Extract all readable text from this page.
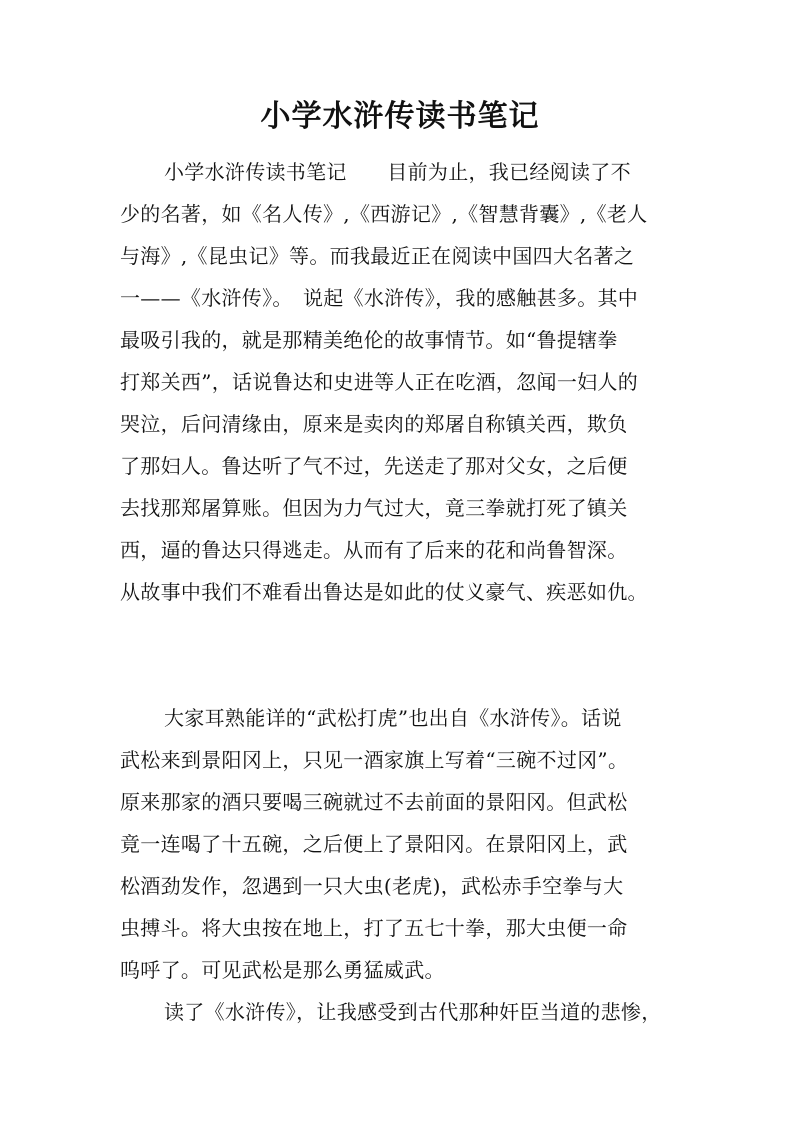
小学水浒传读书笔记
小学水浒传读书笔记　　目前为止，我已经阅读了不
少的名著，如《名人传》,《西游记》,《智慧背囊》,《老人
与海》,《昆虫记》等。而我最近正在阅读中国四大名著之
一——《水浒传》。　说起《水浒传》，我的感触甚多。其中
最吸引我的，就是那精美绝伦的故事情节。如“鲁提辖拳
打郑关西”，话说鲁达和史进等人正在吃酒，忽闻一妇人的
哭泣，后问清缘由，原来是卖肉的郑屠自称镇关西，欺负
了那妇人。鲁达听了气不过，先送走了那对父女，之后便
去找那郑屠算账。但因为力气过大，竟三拳就打死了镇关
西，逼的鲁达只得逃走。从而有了后来的花和尚鲁智深。
从故事中我们不难看出鲁达是如此的仗义豪气、疾恶如仇。
大家耳熟能详的“武松打虎”也出自《水浒传》。话说
武松来到景阳冈上，只见一酒家旗上写着“三碗不过冈”。
原来那家的酒只要喝三碗就过不去前面的景阳冈。但武松
竟一连喝了十五碗，之后便上了景阳冈。在景阳冈上，武
松酒劲发作，忽遇到一只大虫(老虎)，武松赤手空拳与大
虫搏斗。将大虫按在地上，打了五七十拳，那大虫便一命
呜呼了。可见武松是那么勇猛威武。
读了《水浒传》，让我感受到古代那种奸臣当道的悲惨，
